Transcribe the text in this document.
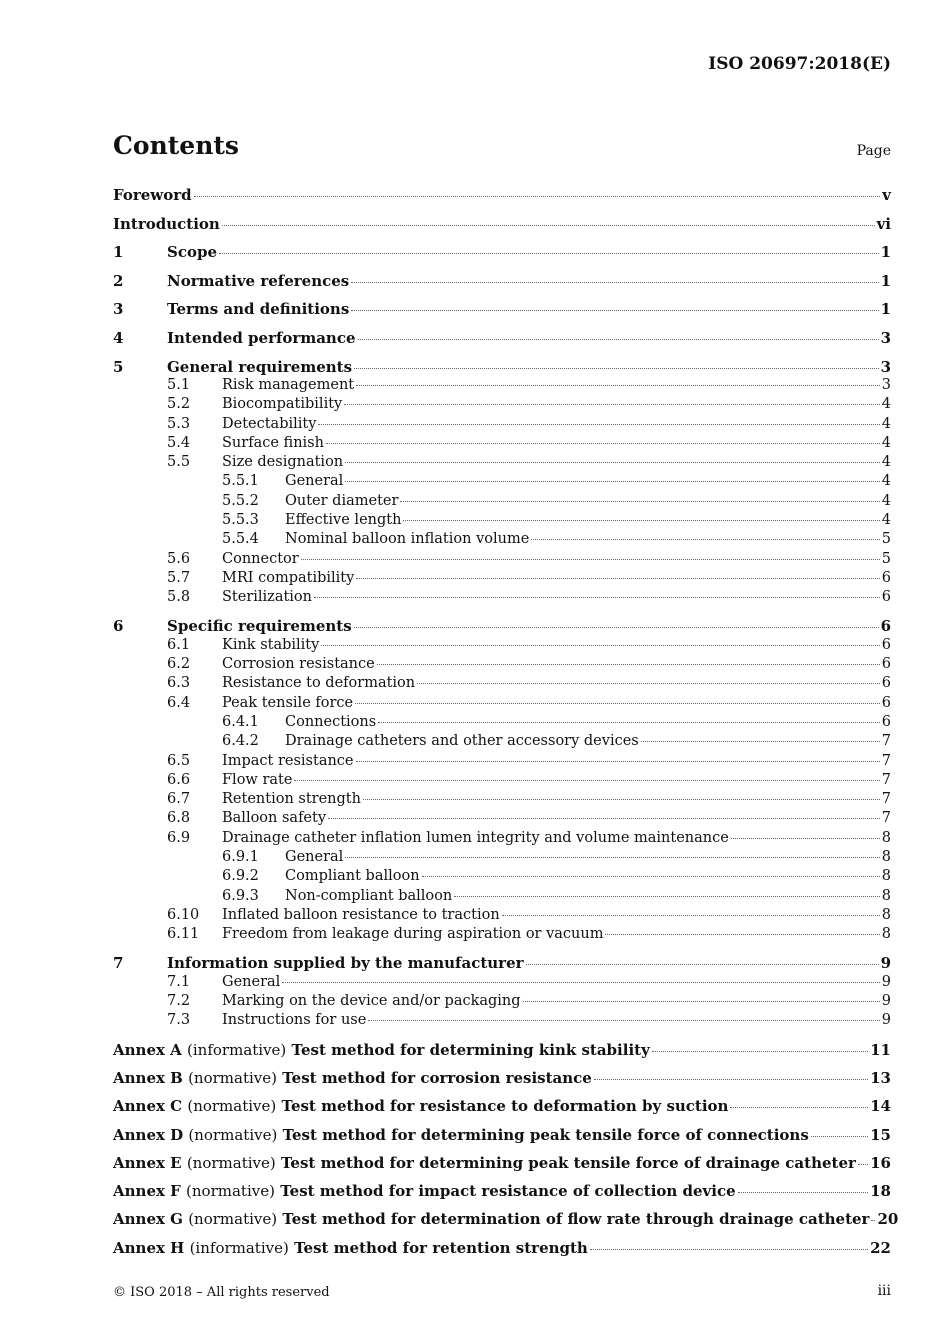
ISO 20697:2018(E)
Contents	Page
Foreword	v
Introduction	vi
1	Scope	1
2	Normative references	1
3	Terms and definitions	1
4	Intended performance	3
5	General requirements	3
5.1	Risk management	3
5.2	Biocompatibility	4
5.3	Detectability	4
5.4	Surface finish	4
5.5	Size designation	4
5.5.1	General	4
5.5.2	Outer diameter	4
5.5.3	Effective length	4
5.5.4	Nominal balloon inflation volume	5
5.6	Connector	5
5.7	MRI compatibility	6
5.8	Sterilization	6
6	Specific requirements	6
6.1	Kink stability	6
6.2	Corrosion resistance	6
6.3	Resistance to deformation	6
6.4	Peak tensile force	6
6.4.1	Connections	6
6.4.2	Drainage catheters and other accessory devices	7
6.5	Impact resistance	7
6.6	Flow rate	7
6.7	Retention strength	7
6.8	Balloon safety	7
6.9	Drainage catheter inflation lumen integrity and volume maintenance	8
6.9.1	General	8
6.9.2	Compliant balloon	8
6.9.3	Non-compliant balloon	8
6.10	Inflated balloon resistance to traction	8
6.11	Freedom from leakage during aspiration or vacuum	8
7	Information supplied by the manufacturer	9
7.1	General	9
7.2	Marking on the device and/or packaging	9
7.3	Instructions for use	9
Annex A (informative) Test method for determining kink stability	11
Annex B (normative) Test method for corrosion resistance	13
Annex C (normative) Test method for resistance to deformation by suction	14
Annex D (normative) Test method for determining peak tensile force of connections	15
Annex E (normative) Test method for determining peak tensile force of drainage catheter 16
Annex F (normative) Test method for impact resistance of collection device	18
Annex G (normative) Test method for determination of flow rate through drainage catheter 20
Annex H (informative) Test method for retention strength	22
© ISO 2018 – All rights reserved	iii
